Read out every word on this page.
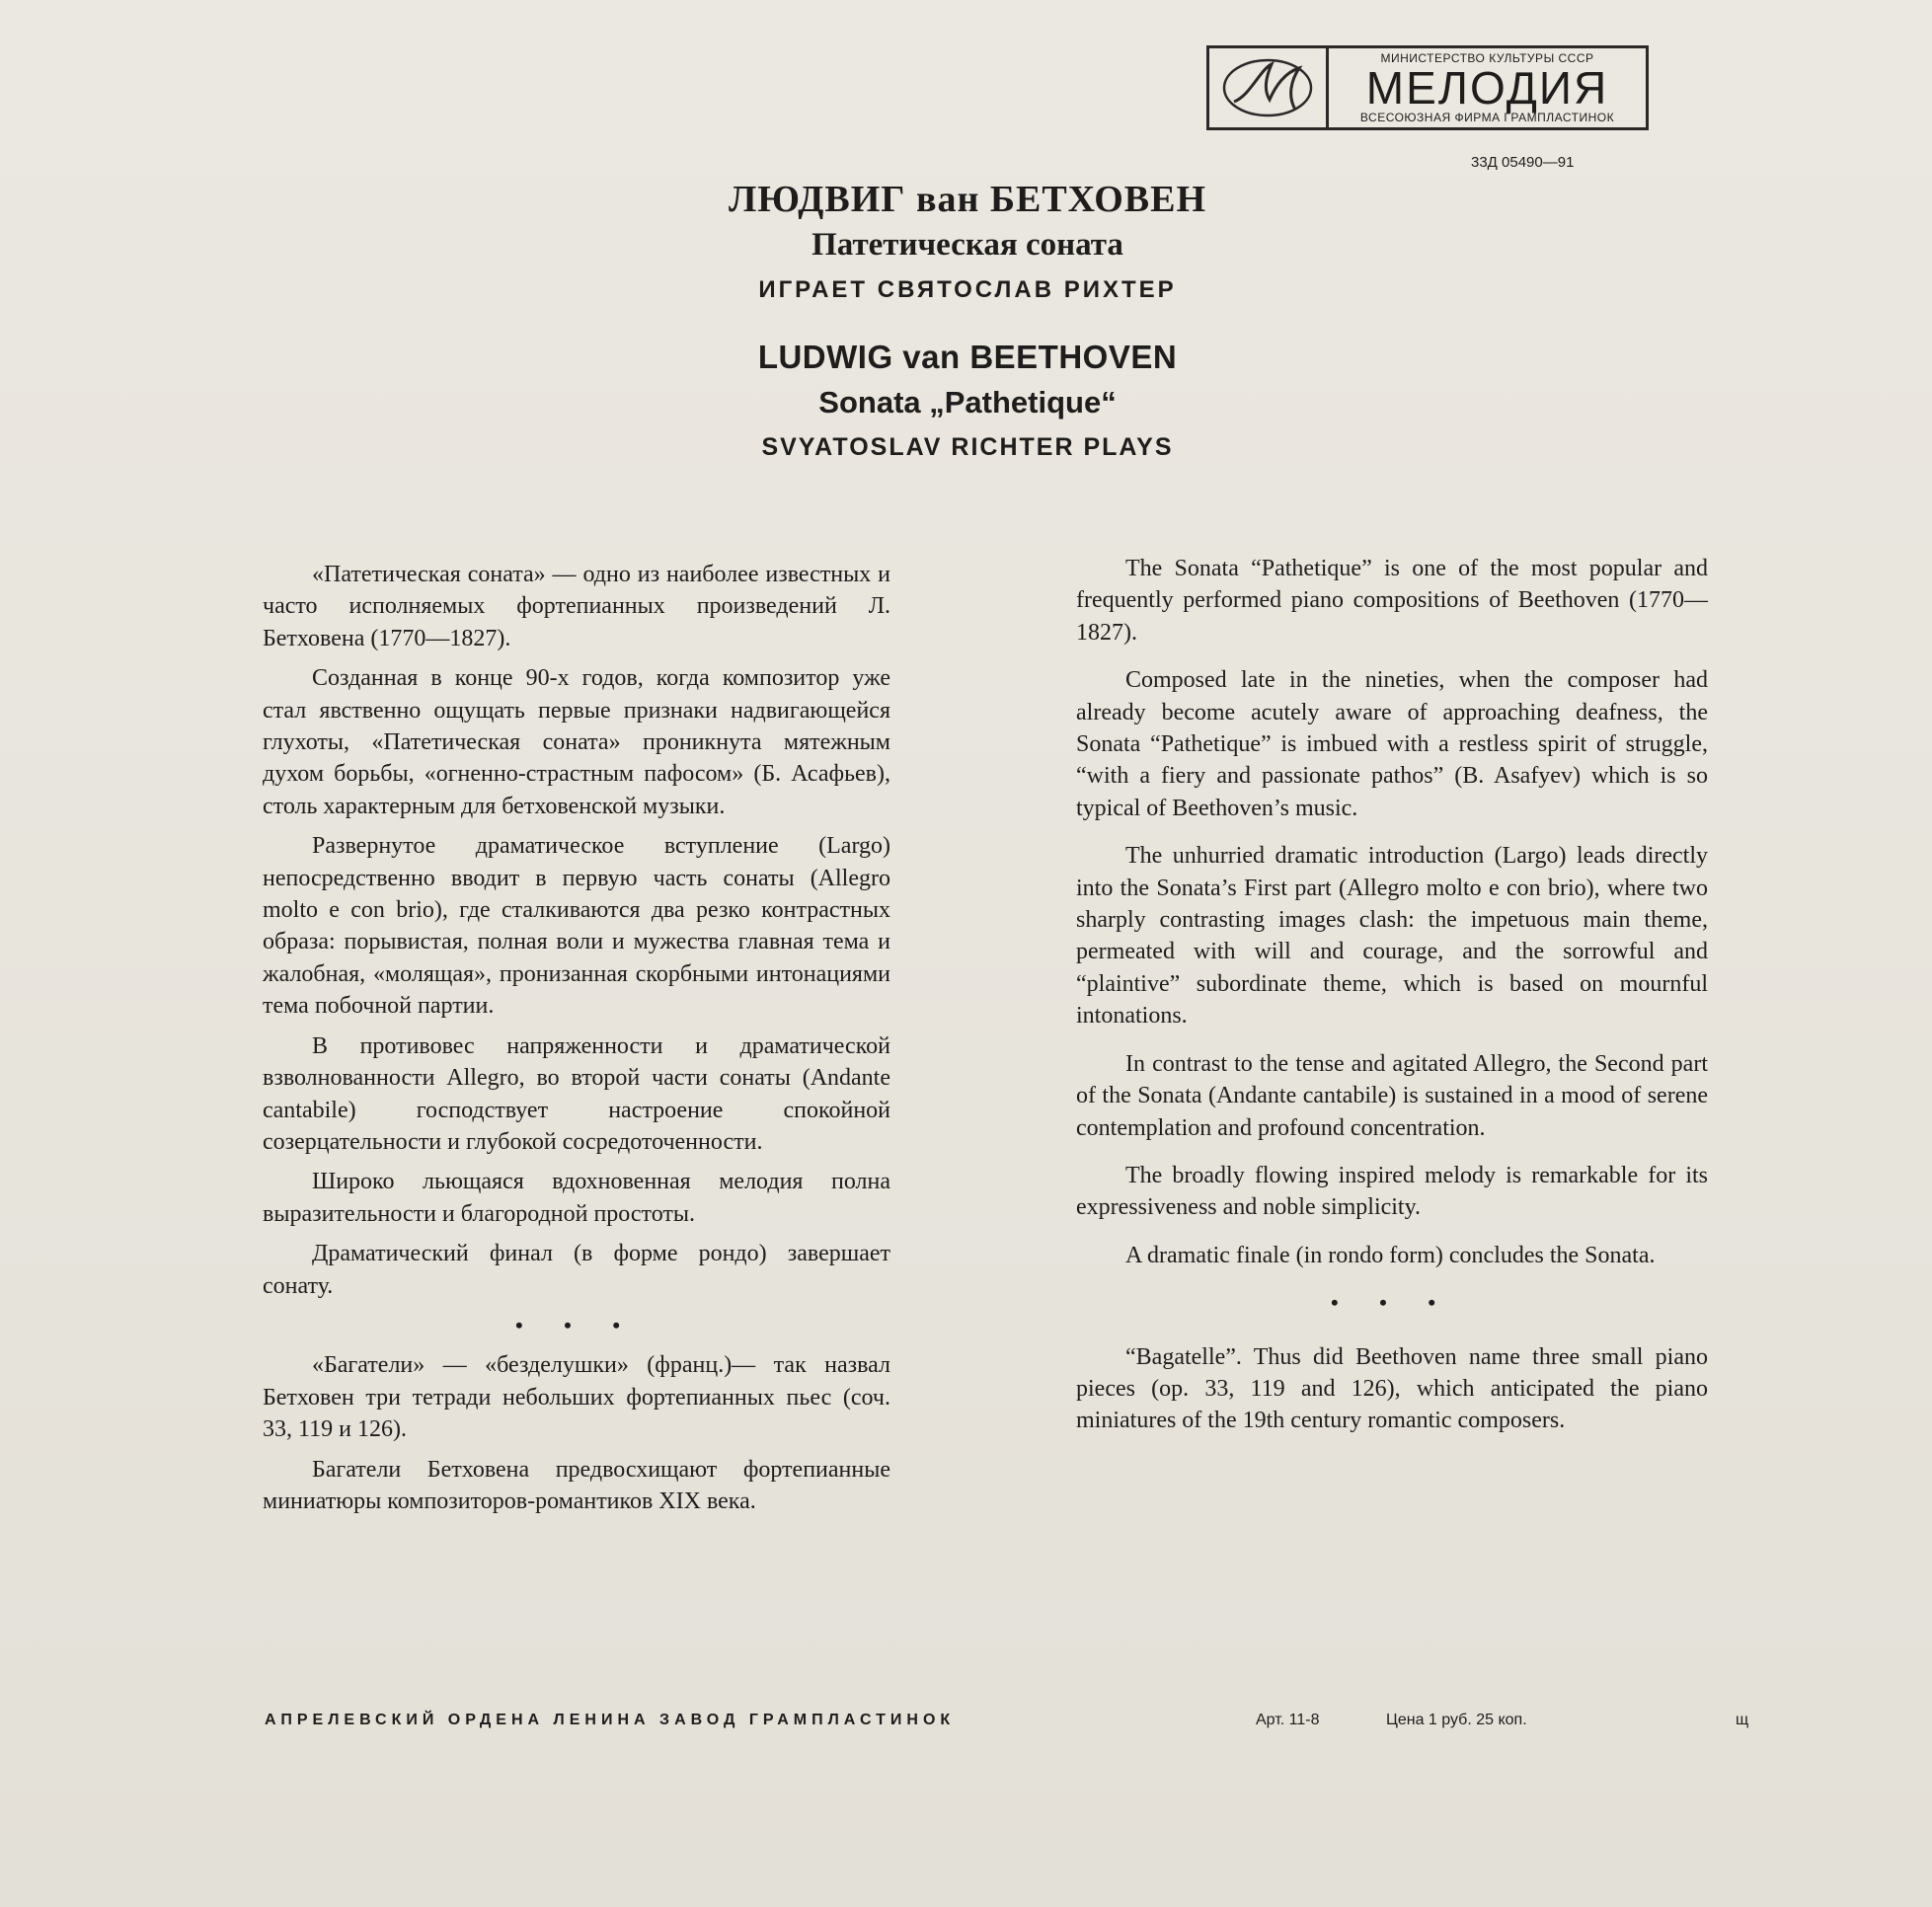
МИНИСТЕРСТВО КУЛЬТУРЫ СССР
МЕЛОДИЯ
ВСЕСОЮЗНАЯ ФИРМА ГРАМПЛАСТИНОК
33Д 05490—91
ЛЮДВИГ ван БЕТХОВЕН
Патетическая соната
ИГРАЕТ СВЯТОСЛАВ РИХТЕР
LUDWIG van BEETHOVEN
Sonata „Pathetique“
SVYATOSLAV RICHTER PLAYS

«Патетическая соната» — одно из наиболее известных и часто исполняемых фортепианных произведений Л. Бетховена (1770—1827).

Созданная в конце 90-х годов, когда композитор уже стал явственно ощущать первые признаки надвигающейся глухоты, «Патетическая соната» проникнута мятежным духом борьбы, «огненно-страстным пафосом» (Б. Асафьев), столь характерным для бетховенской музыки.

Развернутое драматическое вступление (Largo) непосредственно вводит в первую часть сонаты (Allegro molto e con brio), где сталкиваются два резко контрастных образа: порывистая, полная воли и мужества главная тема и жалобная, «молящая», пронизанная скорбными интонациями тема побочной партии.

В противовес напряженности и драматической взволнованности Allegro, во второй части сонаты (Andante cantabile) господствует настроение спокойной созерцательности и глубокой сосредоточенности.

Широко льющаяся вдохновенная мелодия полна выразительности и благородной простоты.

Драматический финал (в форме рондо) завершает сонату.

• • •

«Багатели» — «безделушки» (франц.)— так назвал Бетховен три тетради небольших фортепианных пьес (соч. 33, 119 и 126).

Багатели Бетховена предвосхищают фортепианные миниатюры композиторов-романтиков XIX века.

The Sonata “Pathetique” is one of the most popular and frequently performed piano compositions of Beethoven (1770—1827).

Composed late in the nineties, when the composer had already become acutely aware of approaching deafness, the Sonata “Pathetique” is imbued with a restless spirit of struggle, “with a fiery and passionate pathos” (B. Asafyev) which is so typical of Beethoven’s music.

The unhurried dramatic introduction (Largo) leads directly into the Sonata’s First part (Allegro molto e con brio), where two sharply contrasting images clash: the impetuous main theme, permeated with will and courage, and the sorrowful and “plaintive” subordinate theme, which is based on mournful intonations.

In contrast to the tense and agitated Allegro, the Second part of the Sonata (Andante cantabile) is sustained in a mood of serene contemplation and profound concentration.

The broadly flowing inspired melody is remarkable for its expressiveness and noble simplicity.

A dramatic finale (in rondo form) concludes the Sonata.

• • •

“Bagatelle”. Thus did Beethoven name three small piano pieces (op. 33, 119 and 126), which anticipated the piano miniatures of the 19th century romantic composers.

АПРЕЛЕВСКИЙ ОРДЕНА ЛЕНИНА ЗАВОД ГРАМПЛАСТИНОК	Арт. 11-8	Цена 1 руб. 25 коп.	щ
